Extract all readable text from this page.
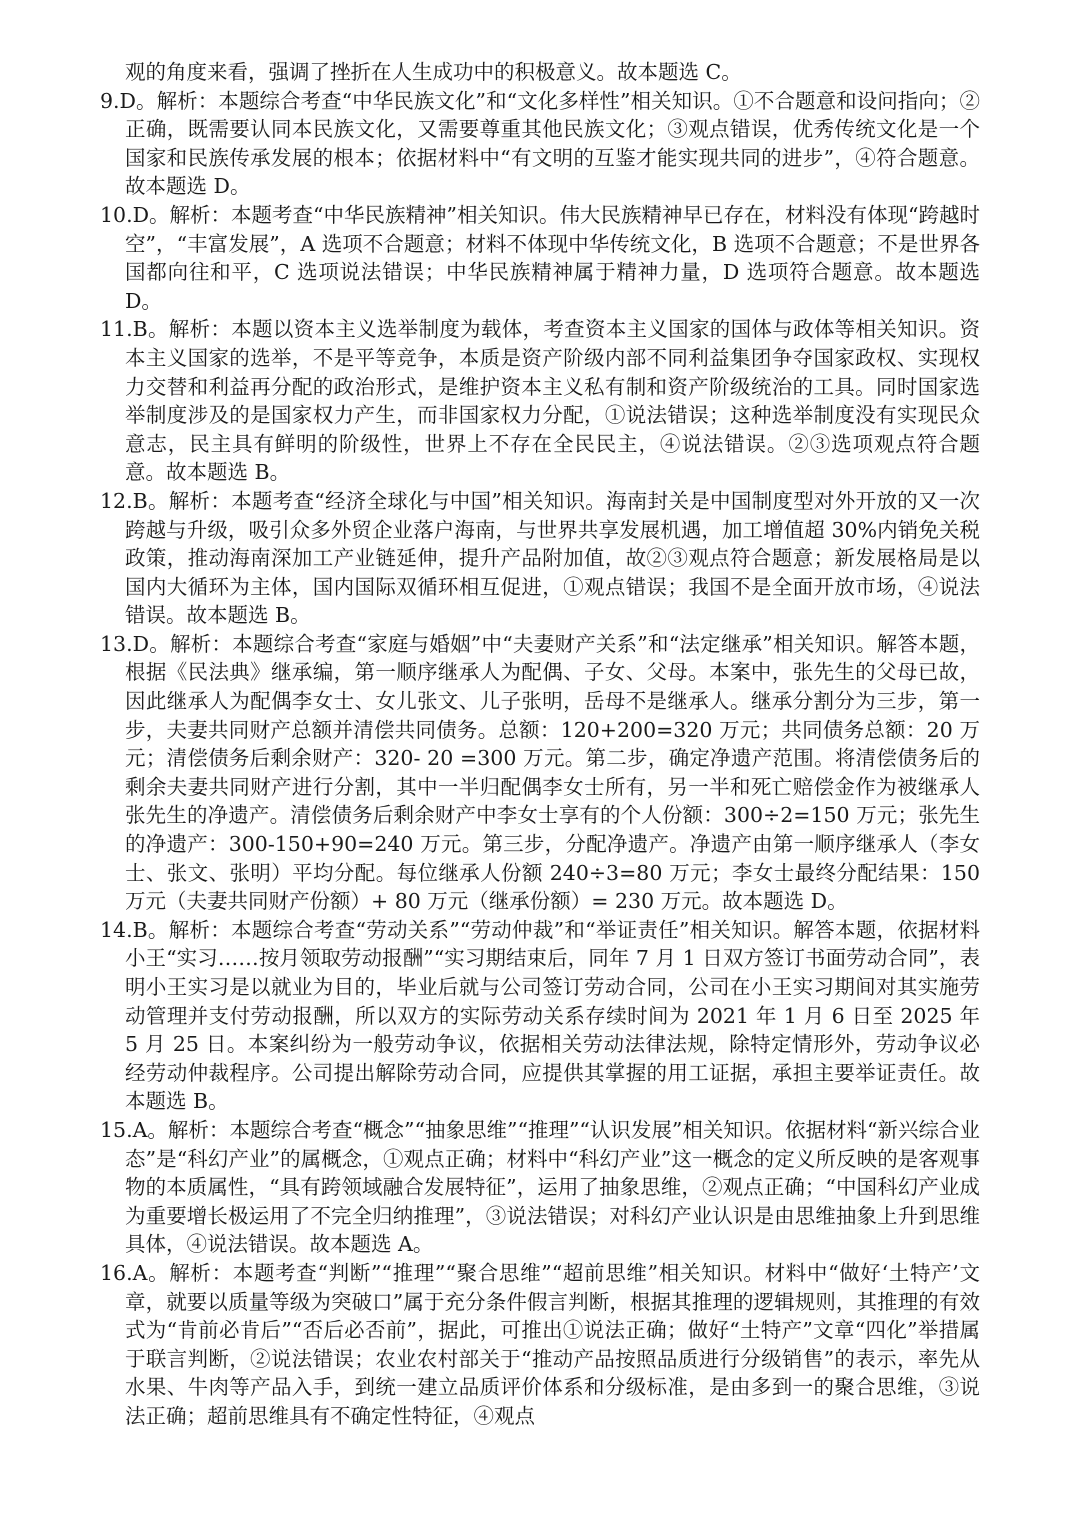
观的角度来看，强调了挫折在人生成功中的积极意义。故本题选 C。

9.D。解析：本题综合考查“中华民族文化”和“文化多样性”相关知识。①不合题意和设问指向；②正确，既需要认同本民族文化，又需要尊重其他民族文化；③观点错误，优秀传统文化是一个国家和民族传承发展的根本；依据材料中“有文明的互鉴才能实现共同的进步”，④符合题意。故本题选 D。

10.D。解析：本题考查“中华民族精神”相关知识。伟大民族精神早已存在，材料没有体现“跨越时空”，“丰富发展”，A 选项不合题意；材料不体现中华传统文化，B 选项不合题意；不是世界各国都向往和平，C 选项说法错误；中华民族精神属于精神力量，D 选项符合题意。故本题选 D。

11.B。解析：本题以资本主义选举制度为载体，考查资本主义国家的国体与政体等相关知识。资本主义国家的选举，不是平等竞争，本质是资产阶级内部不同利益集团争夺国家政权、实现权力交替和利益再分配的政治形式，是维护资本主义私有制和资产阶级统治的工具。同时国家选举制度涉及的是国家权力产生，而非国家权力分配，①说法错误；这种选举制度没有实现民众意志，民主具有鲜明的阶级性，世界上不存在全民民主，④说法错误。②③选项观点符合题意。故本题选 B。

12.B。解析：本题考查“经济全球化与中国”相关知识。海南封关是中国制度型对外开放的又一次跨越与升级，吸引众多外贸企业落户海南，与世界共享发展机遇，加工增值超 30%内销免关税政策，推动海南深加工产业链延伸，提升产品附加值，故②③观点符合题意；新发展格局是以国内大循环为主体，国内国际双循环相互促进，①观点错误；我国不是全面开放市场，④说法错误。故本题选 B。

13.D。解析：本题综合考查“家庭与婚姻”中“夫妻财产关系”和“法定继承”相关知识。解答本题，根据《民法典》继承编，第一顺序继承人为配偶、子女、父母。本案中，张先生的父母已故，因此继承人为配偶李女士、女儿张文、儿子张明，岳母不是继承人。继承分割分为三步，第一步，夫妻共同财产总额并清偿共同债务。总额：120+200=320 万元；共同债务总额：20 万元；清偿债务后剩余财产：320- 20 =300 万元。第二步，确定净遗产范围。将清偿债务后的剩余夫妻共同财产进行分割，其中一半归配偶李女士所有，另一半和死亡赔偿金作为被继承人张先生的净遗产。清偿债务后剩余财产中李女士享有的个人份额：300÷2=150 万元；张先生的净遗产：300-150+90=240 万元。第三步，分配净遗产。净遗产由第一顺序继承人（李女士、张文、张明）平均分配。每位继承人份额 240÷3=80 万元；李女士最终分配结果：150 万元（夫妻共同财产份额）+ 80 万元（继承份额）= 230 万元。故本题选 D。

14.B。解析：本题综合考查“劳动关系”“劳动仲裁”和“举证责任”相关知识。解答本题，依据材料小王“实习……按月领取劳动报酬”“实习期结束后，同年 7 月 1 日双方签订书面劳动合同”，表明小王实习是以就业为目的，毕业后就与公司签订劳动合同，公司在小王实习期间对其实施劳动管理并支付劳动报酬，所以双方的实际劳动关系存续时间为 2021 年 1 月 6 日至 2025 年 5 月 25 日。本案纠纷为一般劳动争议，依据相关劳动法律法规，除特定情形外，劳动争议必经劳动仲裁程序。公司提出解除劳动合同，应提供其掌握的用工证据，承担主要举证责任。故本题选 B。

15.A。解析：本题综合考查“概念”“抽象思维”“推理”“认识发展”相关知识。依据材料“新兴综合业态”是“科幻产业”的属概念，①观点正确；材料中“科幻产业”这一概念的定义所反映的是客观事物的本质属性，“具有跨领域融合发展特征”，运用了抽象思维，②观点正确；“中国科幻产业成为重要增长极运用了不完全归纳推理”，③说法错误；对科幻产业认识是由思维抽象上升到思维具体，④说法错误。故本题选 A。

16.A。解析：本题考查“判断”“推理”“聚合思维”“超前思维”相关知识。材料中“做好‘土特产’文章，就要以质量等级为突破口”属于充分条件假言判断，根据其推理的逻辑规则，其推理的有效式为“肯前必肯后”“否后必否前”，据此，可推出①说法正确；做好“土特产”文章“四化”举措属于联言判断，②说法错误；农业农村部关于“推动产品按照品质进行分级销售”的表示，率先从水果、牛肉等产品入手，到统一建立品质评价体系和分级标准，是由多到一的聚合思维，③说法正确；超前思维具有不确定性特征，④观点
